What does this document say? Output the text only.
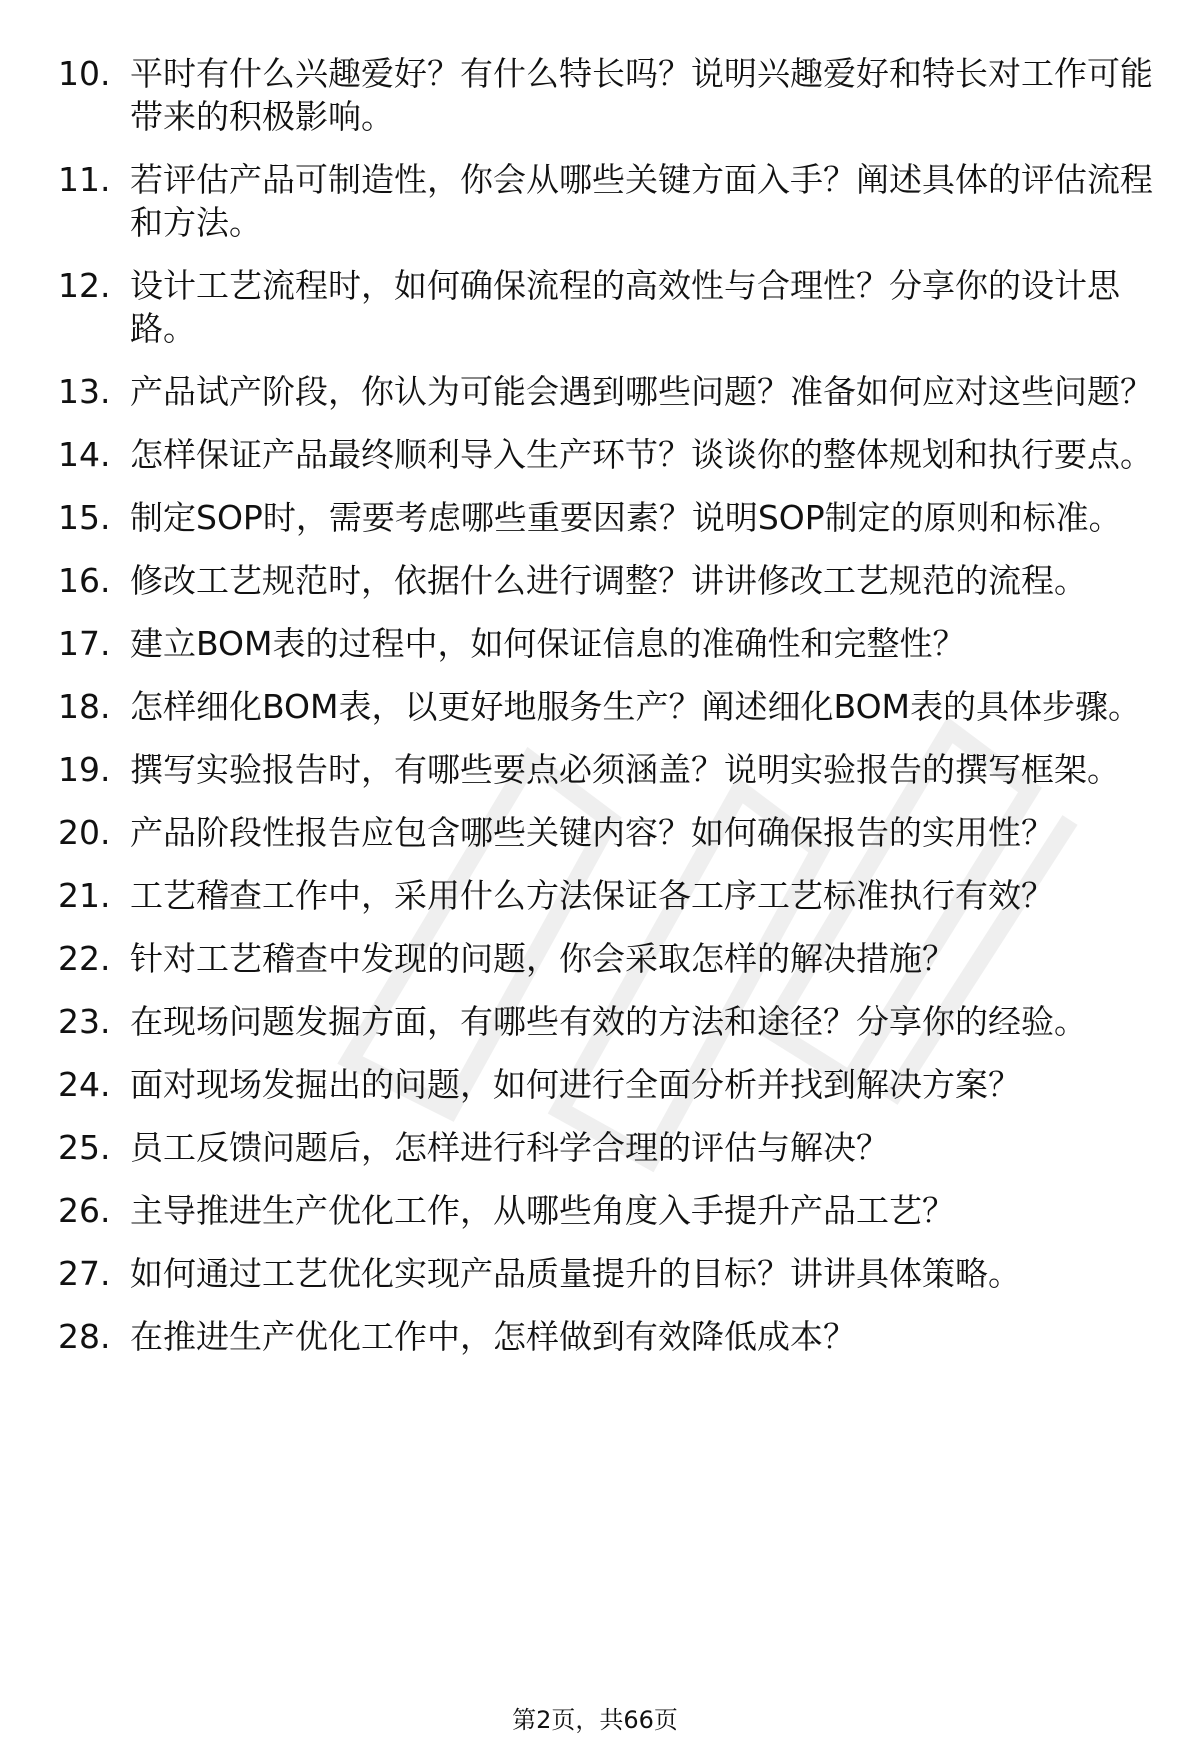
10. 平时有什么兴趣爱好？有什么特长吗？说明兴趣爱好和特长对工作可能带来的积极影响。
11. 若评估产品可制造性，你会从哪些关键方面入手？阐述具体的评估流程和方法。
12. 设计工艺流程时，如何确保流程的高效性与合理性？分享你的设计思路。
13. 产品试产阶段，你认为可能会遇到哪些问题？准备如何应对这些问题？
14. 怎样保证产品最终顺利导入生产环节？谈谈你的整体规划和执行要点。
15. 制定SOP时，需要考虑哪些重要因素？说明SOP制定的原则和标准。
16. 修改工艺规范时，依据什么进行调整？讲讲修改工艺规范的流程。
17. 建立BOM表的过程中，如何保证信息的准确性和完整性？
18. 怎样细化BOM表，以更好地服务生产？阐述细化BOM表的具体步骤。
19. 撰写实验报告时，有哪些要点必须涵盖？说明实验报告的撰写框架。
20. 产品阶段性报告应包含哪些关键内容？如何确保报告的实用性？
21. 工艺稽查工作中，采用什么方法保证各工序工艺标准执行有效？
22. 针对工艺稽查中发现的问题，你会采取怎样的解决措施？
23. 在现场问题发掘方面，有哪些有效的方法和途径？分享你的经验。
24. 面对现场发掘出的问题，如何进行全面分析并找到解决方案？
25. 员工反馈问题后，怎样进行科学合理的评估与解决？
26. 主导推进生产优化工作，从哪些角度入手提升产品工艺？
27. 如何通过工艺优化实现产品质量提升的目标？讲讲具体策略。
28. 在推进生产优化工作中，怎样做到有效降低成本？
第2页，共66页
